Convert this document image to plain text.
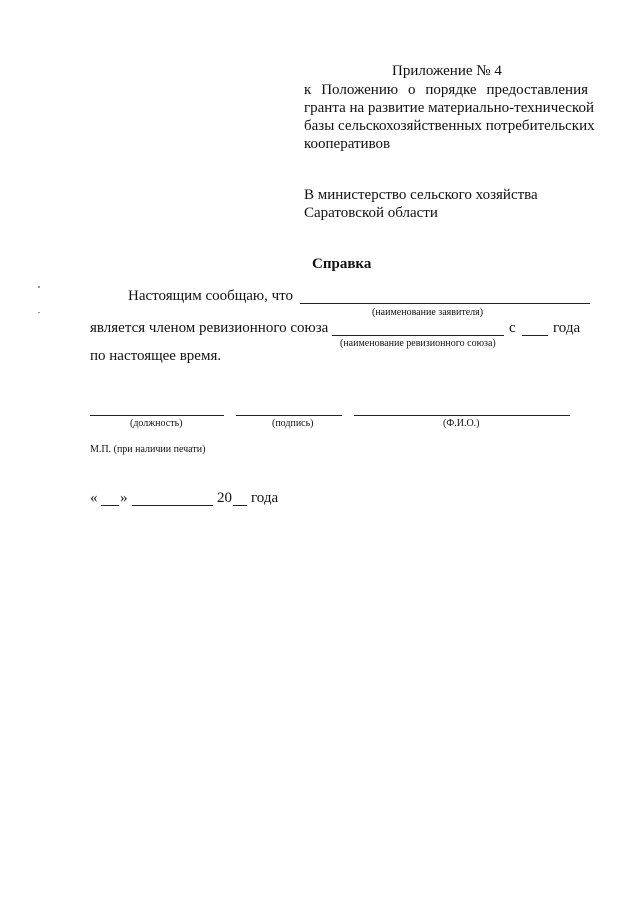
Приложение № 4
к Положению о порядке предоставления
гранта на развитие материально-технической
базы сельскохозяйственных потребительских
кооперативов
В министерство сельского хозяйства
Саратовской области
Справка
Настоящим сообщаю, что
(наименование заявителя)
является членом ревизионного союза	с года
(наименование ревизионного союза)
по настоящее время.
(должность)	(подпись)	(Ф.И.О.)
М.П. (при наличии печати)
« »	20 года
